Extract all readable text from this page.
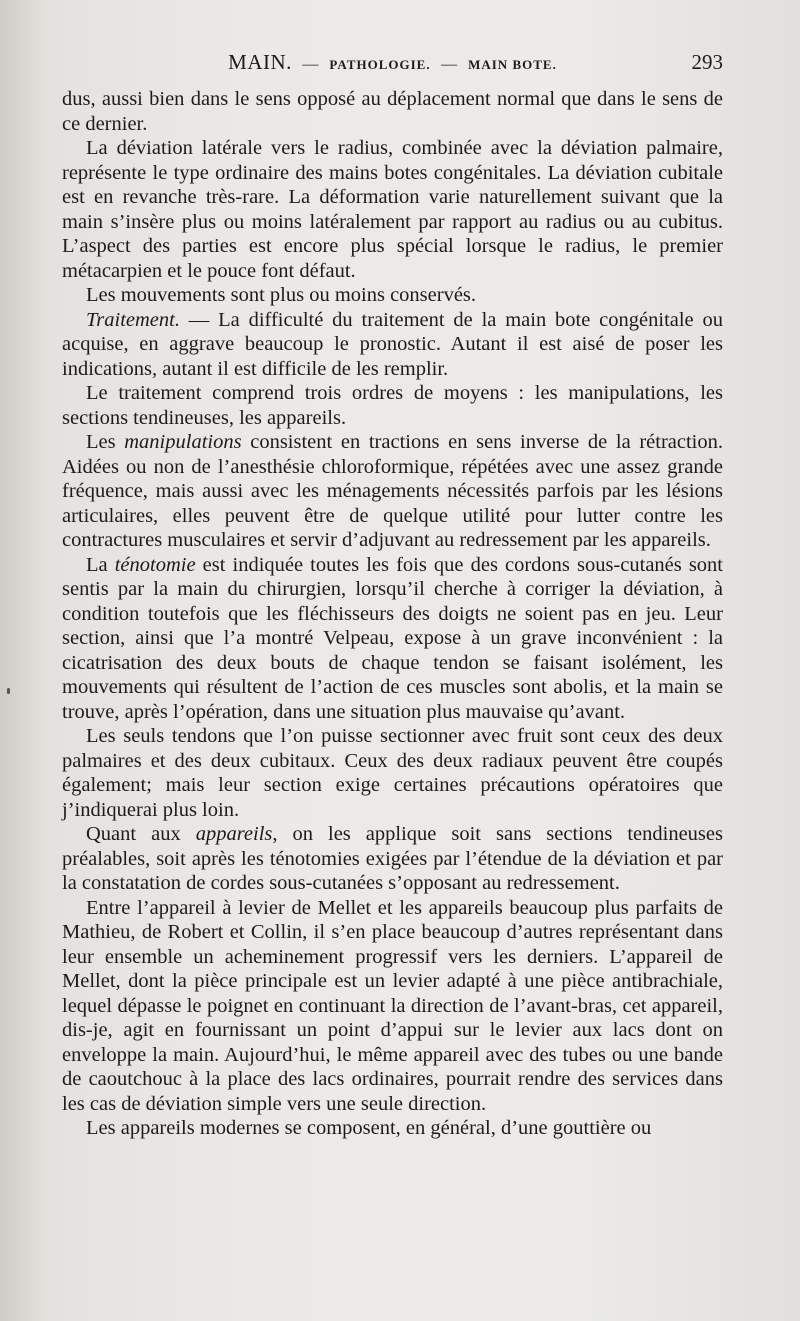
MAIN. — PATHOLOGIE. — MAIN BOTE.	293

dus, aussi bien dans le sens opposé au déplacement normal que dans le sens de ce dernier.

La déviation latérale vers le radius, combinée avec la déviation palmaire, représente le type ordinaire des mains botes congénitales. La déviation cubitale est en revanche très-rare. La déformation varie naturellement suivant que la main s’insère plus ou moins latéralement par rapport au radius ou au cubitus. L’aspect des parties est encore plus spécial lorsque le radius, le premier métacarpien et le pouce font défaut.

Les mouvements sont plus ou moins conservés.

Traitement. — La difficulté du traitement de la main bote congénitale ou acquise, en aggrave beaucoup le pronostic. Autant il est aisé de poser les indications, autant il est difficile de les remplir.

Le traitement comprend trois ordres de moyens : les manipulations, les sections tendineuses, les appareils.

Les manipulations consistent en tractions en sens inverse de la rétraction. Aidées ou non de l’anesthésie chloroformique, répétées avec une assez grande fréquence, mais aussi avec les ménagements nécessités parfois par les lésions articulaires, elles peuvent être de quelque utilité pour lutter contre les contractures musculaires et servir d’adjuvant au redressement par les appareils.

La ténotomie est indiquée toutes les fois que des cordons sous-cutanés sont sentis par la main du chirurgien, lorsqu’il cherche à corriger la déviation, à condition toutefois que les fléchisseurs des doigts ne soient pas en jeu. Leur section, ainsi que l’a montré Velpeau, expose à un grave inconvénient : la cicatrisation des deux bouts de chaque tendon se faisant isolément, les mouvements qui résultent de l’action de ces muscles sont abolis, et la main se trouve, après l’opération, dans une situation plus mauvaise qu’avant.

Les seuls tendons que l’on puisse sectionner avec fruit sont ceux des deux palmaires et des deux cubitaux. Ceux des deux radiaux peuvent être coupés également; mais leur section exige certaines précautions opératoires que j’indiquerai plus loin.

Quant aux appareils, on les applique soit sans sections tendineuses préalables, soit après les ténotomies exigées par l’étendue de la déviation et par la constatation de cordes sous-cutanées s’opposant au redressement.

Entre l’appareil à levier de Mellet et les appareils beaucoup plus parfaits de Mathieu, de Robert et Collin, il s’en place beaucoup d’autres représentant dans leur ensemble un acheminement progressif vers les derniers. L’appareil de Mellet, dont la pièce principale est un levier adapté à une pièce antibrachiale, lequel dépasse le poignet en continuant la direction de l’avant-bras, cet appareil, dis-je, agit en fournissant un point d’appui sur le levier aux lacs dont on enveloppe la main. Aujourd’hui, le même appareil avec des tubes ou une bande de caoutchouc à la place des lacs ordinaires, pourrait rendre des services dans les cas de déviation simple vers une seule direction.

Les appareils modernes se composent, en général, d’une gouttière ou
